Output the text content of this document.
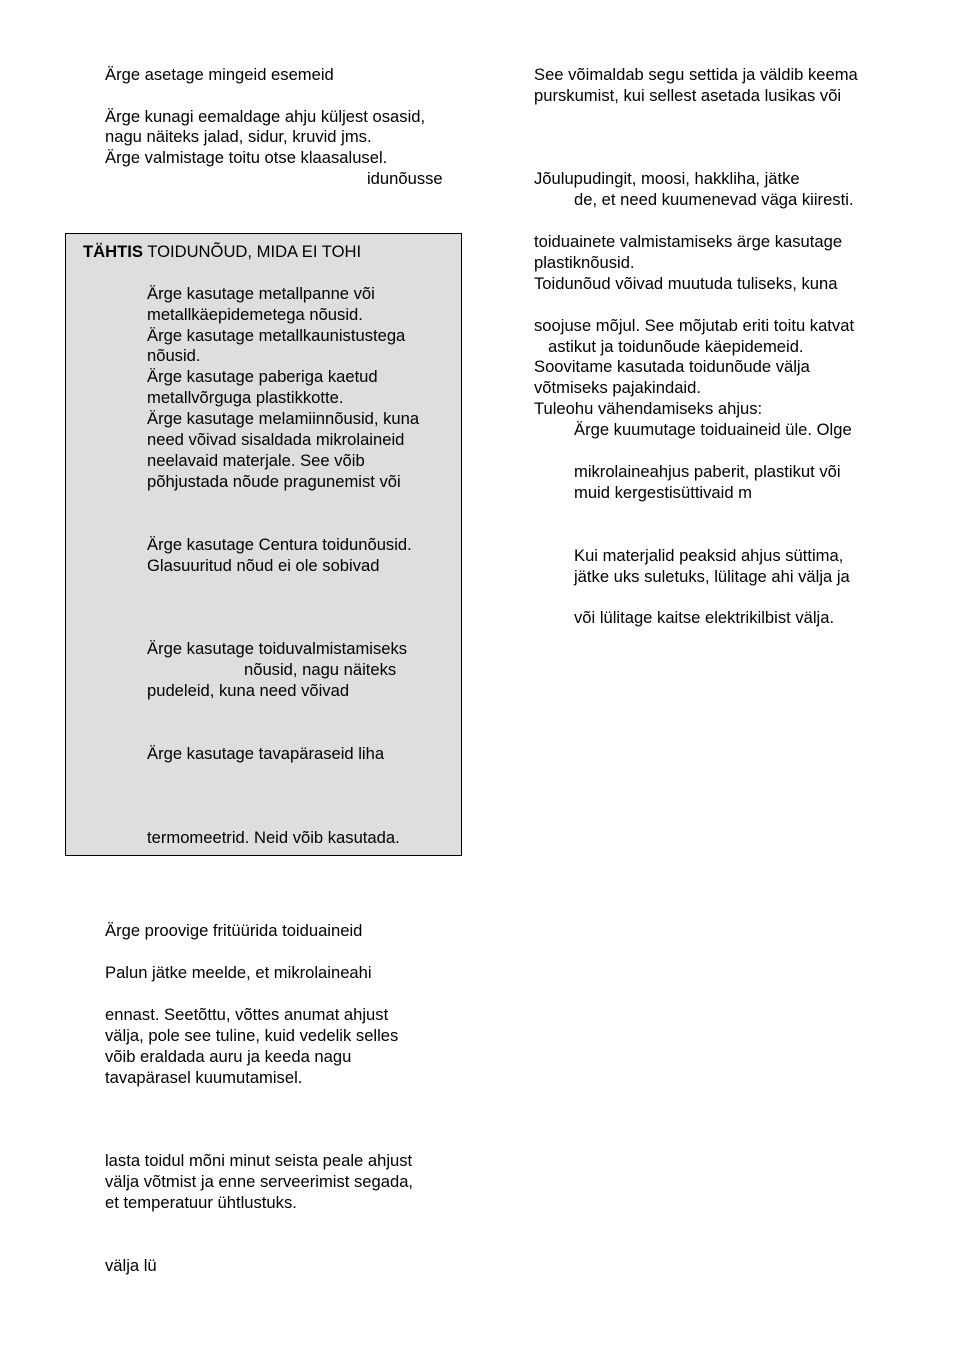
Ärge asetage mingeid esemeid
Ärge kunagi eemaldage ahju küljest osasid,
nagu näiteks jalad, sidur, kruvid jms.
Ärge valmistage toitu otse klaasalusel.
idunõusse
TÄHTIS TOIDUNÕUD, MIDA EI TOHI
Ärge kasutage metallpanne või
metallkäepidemetega nõusid.
Ärge kasutage metallkaunistustega
nõusid.
Ärge kasutage paberiga kaetud
metallvõrguga plastikkotte.
Ärge kasutage melamiinnõusid, kuna
need võivad sisaldada mikrolaineid
neelavaid materjale. See võib
põhjustada nõude pragunemist või
Ärge kasutage Centura toidunõusid.
Glasuuritud nõud ei ole sobivad
Ärge kasutage toiduvalmistamiseks
nõusid, nagu näiteks
pudeleid, kuna need võivad
Ärge kasutage tavapäraseid liha
termomeetrid. Neid võib kasutada.
Ärge proovige fritüürida toiduaineid
Palun jätke meelde, et mikrolaineahi
ennast. Seetõttu, võttes anumat ahjust
välja, pole see tuline, kuid vedelik selles
võib eraldada auru ja keeda nagu
tavapärasel kuumutamisel.
lasta toidul mõni minut seista peale ahjust
välja võtmist ja enne serveerimist segada,
et temperatuur ühtlustuks.
välja lü
See võimaldab segu settida ja väldib keema
purskumist, kui sellest asetada lusikas või
Jõulupudingit, moosi, hakkliha, jätke
de, et need kuumenevad väga kiiresti.
toiduainete valmistamiseks ärge kasutage
plastiknõusid.
Toidunõud võivad muutuda tuliseks, kuna
soojuse mõjul. See mõjutab eriti toitu katvat
astikut ja toidunõude käepidemeid.
Soovitame kasutada toidunõude välja
võtmiseks pajakindaid.
Tuleohu vähendamiseks ahjus:
Ärge kuumutage toiduaineid üle. Olge
mikrolaineahjus paberit, plastikut või
muid kergestisüttivaid m
Kui materjalid peaksid ahjus süttima,
jätke uks suletuks, lülitage ahi välja ja
või lülitage kaitse elektrikilbist välja.
